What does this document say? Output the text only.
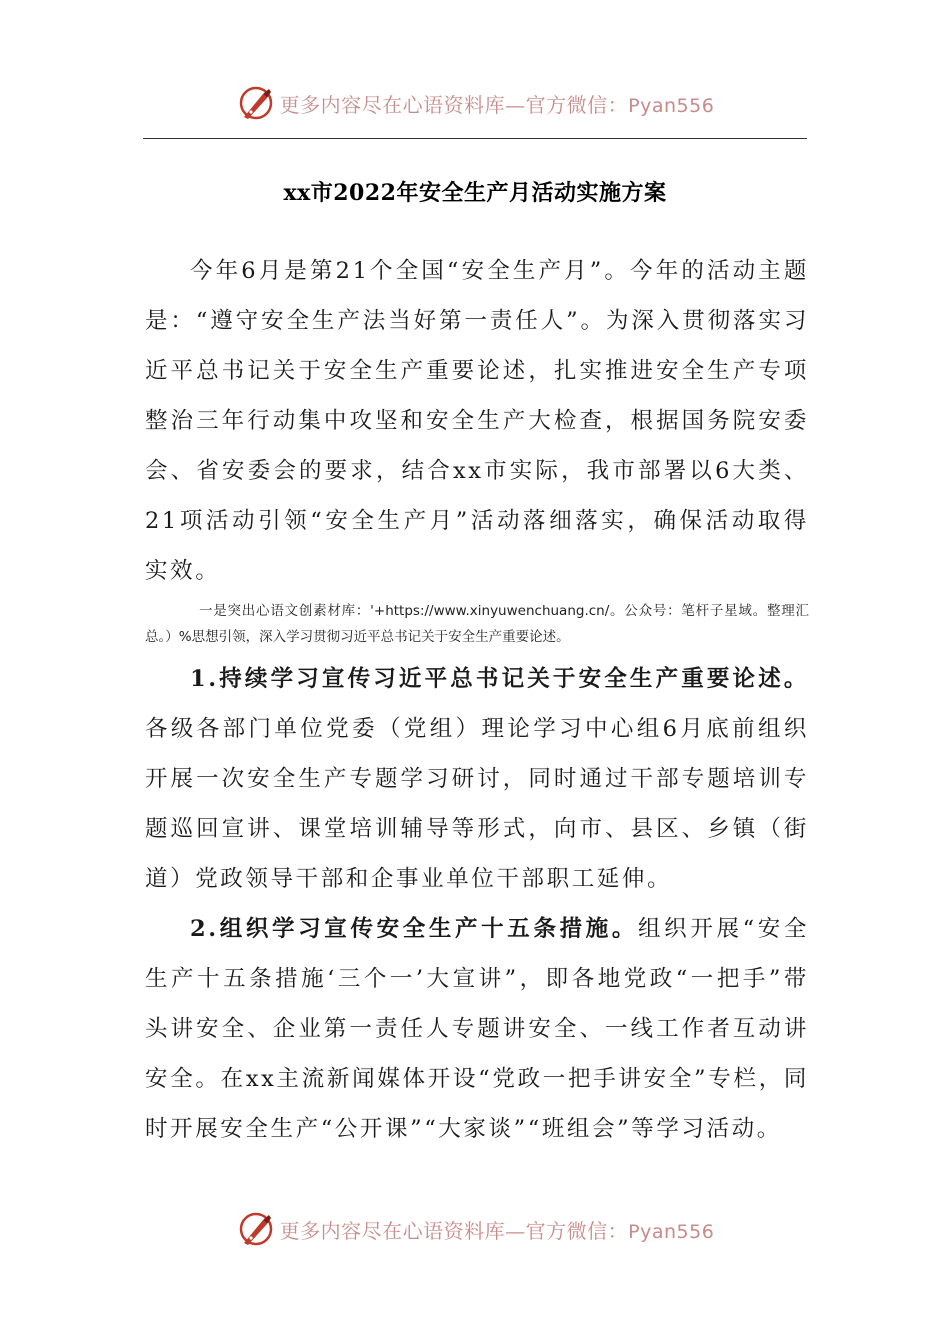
更多内容尽在心语资料库—官方微信：Pyan556
xx市2022年安全生产月活动实施方案

今年6月是第21个全国“安全生产月”。今年的活动主题是：“遵守安全生产法当好第一责任人”。为深入贯彻落实习近平总书记关于安全生产重要论述，扎实推进安全生产专项整治三年行动集中攻坚和安全生产大检查，根据国务院安委会、省安委会的要求，结合xx市实际，我市部署以6大类、21项活动引领“安全生产月”活动落细落实，确保活动取得实效。

一是突出心语文创素材库：'+https://www.xinyuwenchuang.cn/。公众号：笔杆子星域。整理汇总。）%思想引领，深入学习贯彻习近平总书记关于安全生产重要论述。

1.持续学习宣传习近平总书记关于安全生产重要论述。各级各部门单位党委（党组）理论学习中心组6月底前组织开展一次安全生产专题学习研讨，同时通过干部专题培训专题巡回宣讲、课堂培训辅导等形式，向市、县区、乡镇（街道）党政领导干部和企事业单位干部职工延伸。

2.组织学习宣传安全生产十五条措施。组织开展“安全生产十五条措施‘三个一’大宣讲”，即各地党政“一把手”带头讲安全、企业第一责任人专题讲安全、一线工作者互动讲安全。在xx主流新闻媒体开设“党政一把手讲安全”专栏，同时开展安全生产“公开课”“大家谈”“班组会”等学习活动。

更多内容尽在心语资料库—官方微信：Pyan556
